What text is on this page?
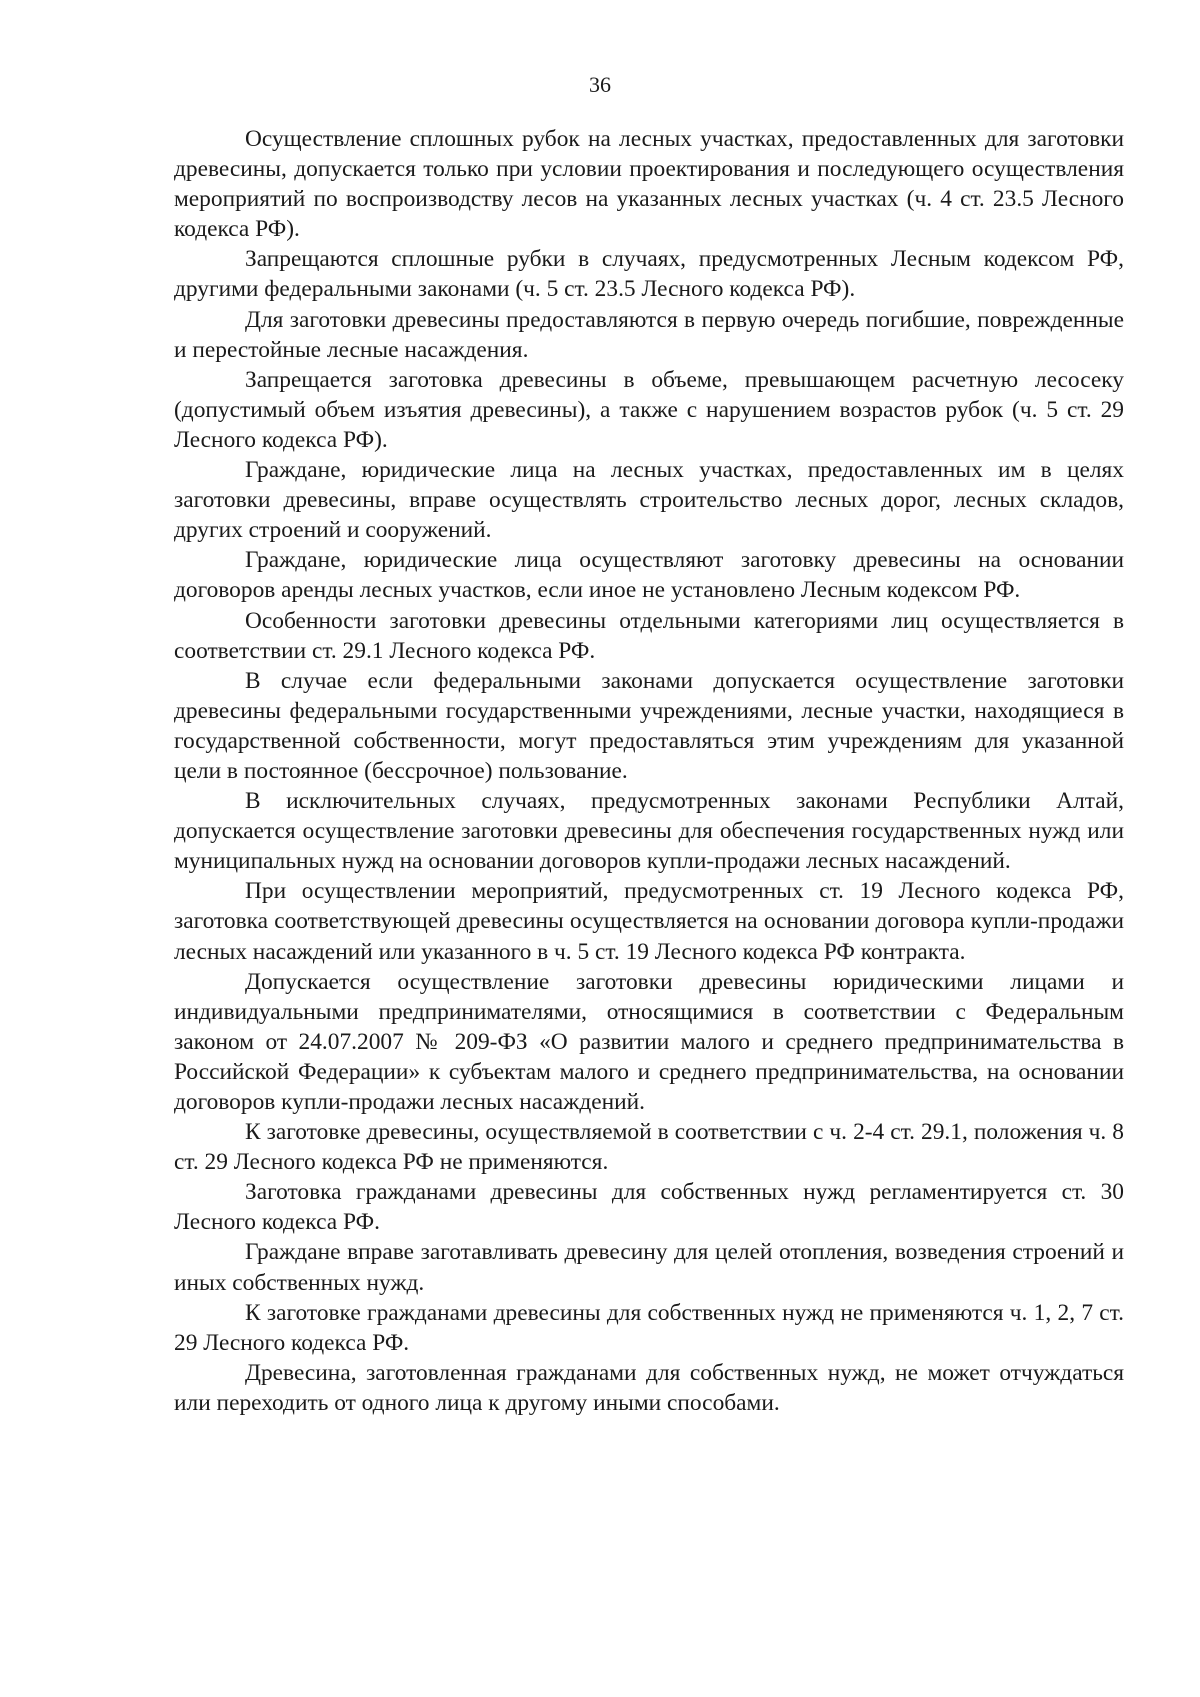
36

Осуществление сплошных рубок на лесных участках, предоставленных для заготовки древесины, допускается только при условии проектирования и последующего осуществления мероприятий по воспроизводству лесов на указанных лесных участках (ч. 4 ст. 23.5 Лесного кодекса РФ).

Запрещаются сплошные рубки в случаях, предусмотренных Лесным кодексом РФ, другими федеральными законами (ч. 5 ст. 23.5 Лесного кодекса РФ).

Для заготовки древесины предоставляются в первую очередь погибшие, поврежденные и перестойные лесные насаждения.

Запрещается заготовка древесины в объеме, превышающем расчетную лесосеку (допустимый объем изъятия древесины), а также с нарушением возрастов рубок (ч. 5 ст. 29 Лесного кодекса РФ).

Граждане, юридические лица на лесных участках, предоставленных им в целях заготовки древесины, вправе осуществлять строительство лесных дорог, лесных складов, других строений и сооружений.

Граждане, юридические лица осуществляют заготовку древесины на основании договоров аренды лесных участков, если иное не установлено Лесным кодексом РФ.

Особенности заготовки древесины отдельными категориями лиц осуществляется в соответствии ст. 29.1 Лесного кодекса РФ.

В случае если федеральными законами допускается осуществление заготовки древесины федеральными государственными учреждениями, лесные участки, находящиеся в государственной собственности, могут предоставляться этим учреждениям для указанной цели в постоянное (бессрочное) пользование.

В исключительных случаях, предусмотренных законами Республики Алтай, допускается осуществление заготовки древесины для обеспечения государственных нужд или муниципальных нужд на основании договоров купли-продажи лесных насаждений.

При осуществлении мероприятий, предусмотренных ст. 19 Лесного кодекса РФ, заготовка соответствующей древесины осуществляется на основании договора купли-продажи лесных насаждений или указанного в ч. 5 ст. 19 Лесного кодекса РФ контракта.

Допускается осуществление заготовки древесины юридическими лицами и индивидуальными предпринимателями, относящимися в соответствии с Федеральным законом от 24.07.2007 № 209-ФЗ «О развитии малого и среднего предпринимательства в Российской Федерации» к субъектам малого и среднего предпринимательства, на основании договоров купли-продажи лесных насаждений.

К заготовке древесины, осуществляемой в соответствии с ч. 2-4 ст. 29.1, положения ч. 8 ст. 29 Лесного кодекса РФ не применяются.

Заготовка гражданами древесины для собственных нужд регламентируется ст. 30 Лесного кодекса РФ.

Граждане вправе заготавливать древесину для целей отопления, возведения строений и иных собственных нужд.

К заготовке гражданами древесины для собственных нужд не применяются ч. 1, 2, 7 ст. 29 Лесного кодекса РФ.

Древесина, заготовленная гражданами для собственных нужд, не может отчуждаться или переходить от одного лица к другому иными способами.
